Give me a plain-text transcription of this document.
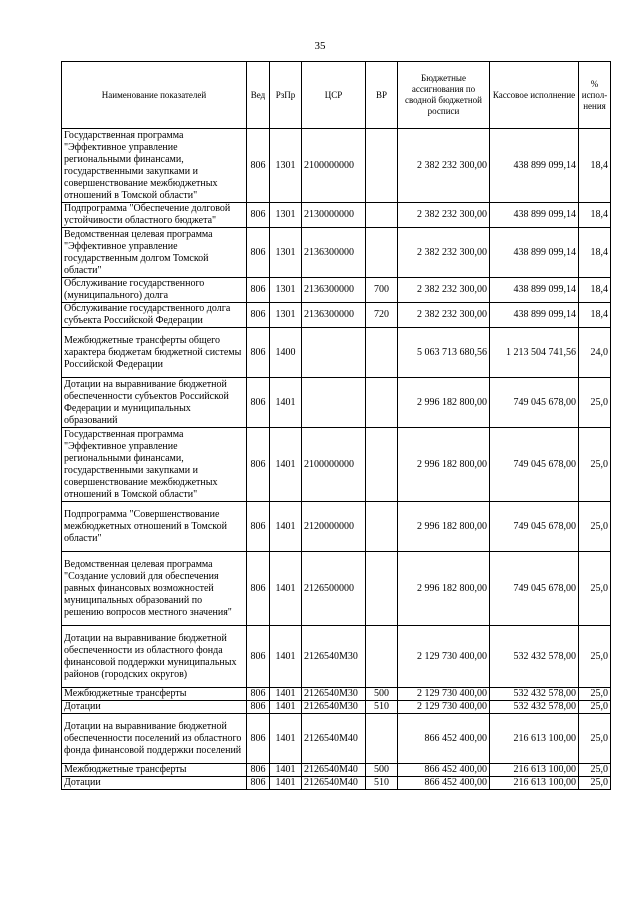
35
Наименование показателей	Вед	РзПр	ЦСР	ВР	Бюджетные ассигнования по сводной бюджетной росписи	Кассовое исполнение	% испол-нения
Государственная программа "Эффективное управление региональными финансами, государственными закупками и совершенствование межбюджетных отношений в Томской области"	806	1301	2100000000		2 382 232 300,00	438 899 099,14	18,4
Подпрограмма "Обеспечение долговой устойчивости областного бюджета"	806	1301	2130000000		2 382 232 300,00	438 899 099,14	18,4
Ведомственная целевая программа "Эффективное управление государственным долгом Томской области"	806	1301	2136300000		2 382 232 300,00	438 899 099,14	18,4
Обслуживание государственного (муниципального) долга	806	1301	2136300000	700	2 382 232 300,00	438 899 099,14	18,4
Обслуживание государственного долга субъекта Российской Федерации	806	1301	2136300000	720	2 382 232 300,00	438 899 099,14	18,4
Межбюджетные трансферты общего характера бюджетам бюджетной системы Российской Федерации	806	1400			5 063 713 680,56	1 213 504 741,56	24,0
Дотации на выравнивание бюджетной обеспеченности субъектов Российской Федерации и муниципальных образований	806	1401			2 996 182 800,00	749 045 678,00	25,0
Государственная программа "Эффективное управление региональными финансами, государственными закупками и совершенствование межбюджетных отношений в Томской области"	806	1401	2100000000		2 996 182 800,00	749 045 678,00	25,0
Подпрограмма "Совершенствование межбюджетных отношений в Томской области"	806	1401	2120000000		2 996 182 800,00	749 045 678,00	25,0
Ведомственная целевая программа "Создание условий для обеспечения равных финансовых возможностей муниципальных образований по решению вопросов местного значения"	806	1401	2126500000		2 996 182 800,00	749 045 678,00	25,0
Дотации на выравнивание бюджетной обеспеченности из областного фонда финансовой поддержки муниципальных районов (городских округов)	806	1401	2126540М30		2 129 730 400,00	532 432 578,00	25,0
Межбюджетные трансферты	806	1401	2126540М30	500	2 129 730 400,00	532 432 578,00	25,0
Дотации	806	1401	2126540М30	510	2 129 730 400,00	532 432 578,00	25,0
Дотации на выравнивание бюджетной обеспеченности поселений из областного фонда финансовой поддержки поселений	806	1401	2126540М40		866 452 400,00	216 613 100,00	25,0
Межбюджетные трансферты	806	1401	2126540М40	500	866 452 400,00	216 613 100,00	25,0
Дотации	806	1401	2126540М40	510	866 452 400,00	216 613 100,00	25,0
